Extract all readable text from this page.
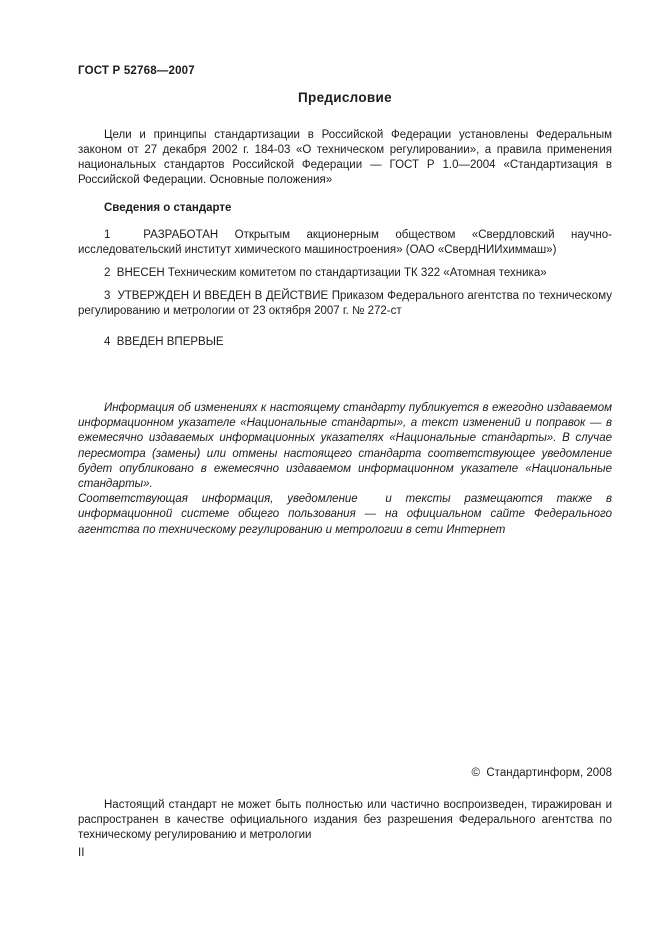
ГОСТ Р 52768—2007
Предисловие
Цели и принципы стандартизации в Российской Федерации установлены Федеральным законом от 27 декабря 2002 г. 184-03 «О техническом регулировании», а правила применения национальных стандартов Российской Федерации — ГОСТ Р 1.0—2004 «Стандартизация в Российской Федерации. Основные положения»
Сведения о стандарте
1  РАЗРАБОТАН Открытым акционерным обществом «Свердловский научно-исследовательский институт химического машиностроения» (ОАО «СвердНИИхиммаш»)
2  ВНЕСЕН Техническим комитетом по стандартизации ТК 322 «Атомная техника»
3  УТВЕРЖДЕН И ВВЕДЕН В ДЕЙСТВИЕ Приказом Федерального агентства по техническому регулированию и метрологии от 23 октября 2007 г. № 272-ст
4  ВВЕДЕН ВПЕРВЫЕ

Информация об изменениях к настоящему стандарту публикуется в ежегодно издаваемом информационном указателе «Национальные стандарты», а текст изменений и поправок — в ежемесячно издаваемых информационных указателях «Национальные стандарты». В случае пересмотра (замены) или отмены настоящего стандарта соответствующее уведомление будет опубликовано в ежемесячно издаваемом информационном указателе «Национальные стандарты».

Соответствующая информация, уведомление  и тексты размещаются также в информационной системе общего пользования — на официальном сайте Федерального агентства по техническому регулированию и метрологии в сети Интернет

©  Стандартинформ, 2008
Настоящий стандарт не может быть полностью или частично воспроизведен, тиражирован и распространен в качестве официального издания без разрешения Федерального агентства по техническому регулированию и метрологии
II
